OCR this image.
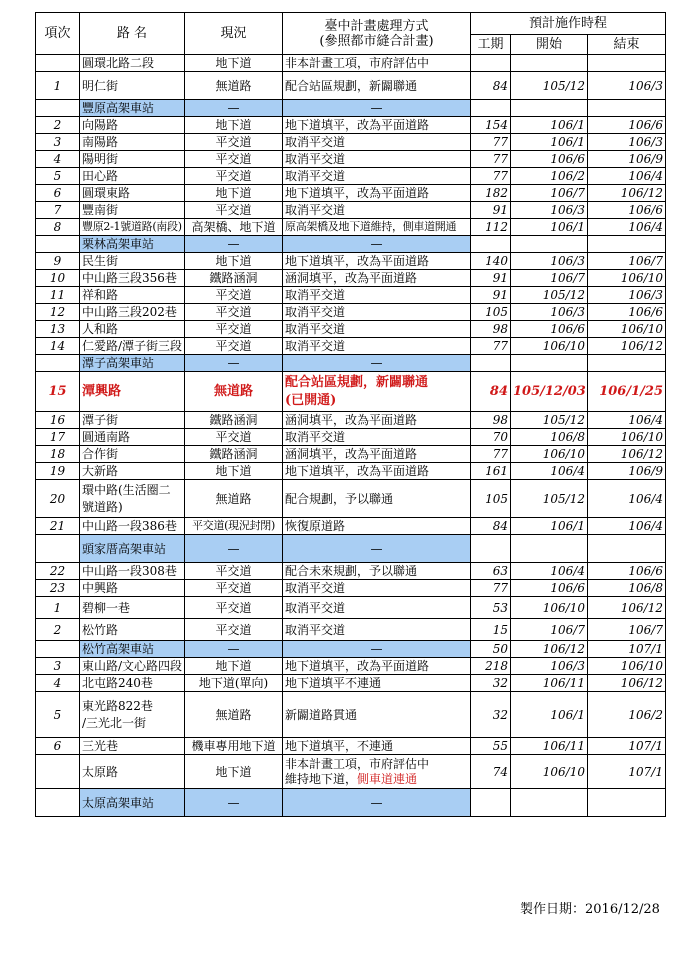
項次	路 名	現況	臺中計畫處理方式
(參照都市縫合計畫)	預計施作時程		
				工期	開始	結束
	圓環北路二段	地下道	非本計畫工項，市府評估中			
1	明仁街	無道路	配合站區規劃，新闢聯通	84	105/12	106/3
	豐原高架車站	—	—			
2	向陽路	地下道	地下道填平，改為平面道路	154	106/1	106/6
3	南陽路	平交道	取消平交道	77	106/1	106/3
4	陽明街	平交道	取消平交道	77	106/6	106/9
5	田心路	平交道	取消平交道	77	106/2	106/4
6	圓環東路	地下道	地下道填平，改為平面道路	182	106/7	106/12
7	豐南街	平交道	取消平交道	91	106/3	106/6
8	豐原2-1號道路(南段)	高架橋、地下道	原高架橋及地下道維持，側車道開通	112	106/1	106/4
	栗林高架車站	—	—			
9	民生街	地下道	地下道填平，改為平面道路	140	106/3	106/7
10	中山路三段356巷	鐵路涵洞	涵洞填平，改為平面道路	91	106/7	106/10
11	祥和路	平交道	取消平交道	91	105/12	106/3
12	中山路三段202巷	平交道	取消平交道	105	106/3	106/6
13	人和路	平交道	取消平交道	98	106/6	106/10
14	仁愛路/潭子街三段	平交道	取消平交道	77	106/10	106/12
	潭子高架車站	—	—			
15	潭興路	無道路	配合站區規劃，新闢聯通
(已開通)	84	105/12/03	106/1/25
16	潭子街	鐵路涵洞	涵洞填平，改為平面道路	98	105/12	106/4
17	圓通南路	平交道	取消平交道	70	106/8	106/10
18	合作街	鐵路涵洞	涵洞填平，改為平面道路	77	106/10	106/12
19	大新路	地下道	地下道填平，改為平面道路	161	106/4	106/9
20	環中路(生活圈二
號道路)	無道路	配合規劃，予以聯通	105	105/12	106/4
21	中山路一段386巷	平交道(現況封閉)	恢復原道路	84	106/1	106/4
	頭家厝高架車站	—	—			
22	中山路一段308巷	平交道	配合未來規劃，予以聯通	63	106/4	106/6
23	中興路	平交道	取消平交道	77	106/6	106/8
1	碧柳一巷	平交道	取消平交道	53	106/10	106/12
2	松竹路	平交道	取消平交道	15	106/7	106/7
	松竹高架車站	—	—	50	106/12	107/1
3	東山路/文心路四段	地下道	地下道填平，改為平面道路	218	106/3	106/10
4	北屯路240巷	地下道(單向)	地下道填平不連通	32	106/11	106/12
5	東光路822巷
/三光北一街	無道路	新闢道路貫通	32	106/1	106/2
6	三光巷	機車專用地下道	地下道填平，不連通	55	106/11	107/1
	太原路	地下道	非本計畫工項，市府評估中
維持地下道，側車道連通	74	106/10	107/1
	太原高架車站	—	—			
製作日期：2016/12/28
